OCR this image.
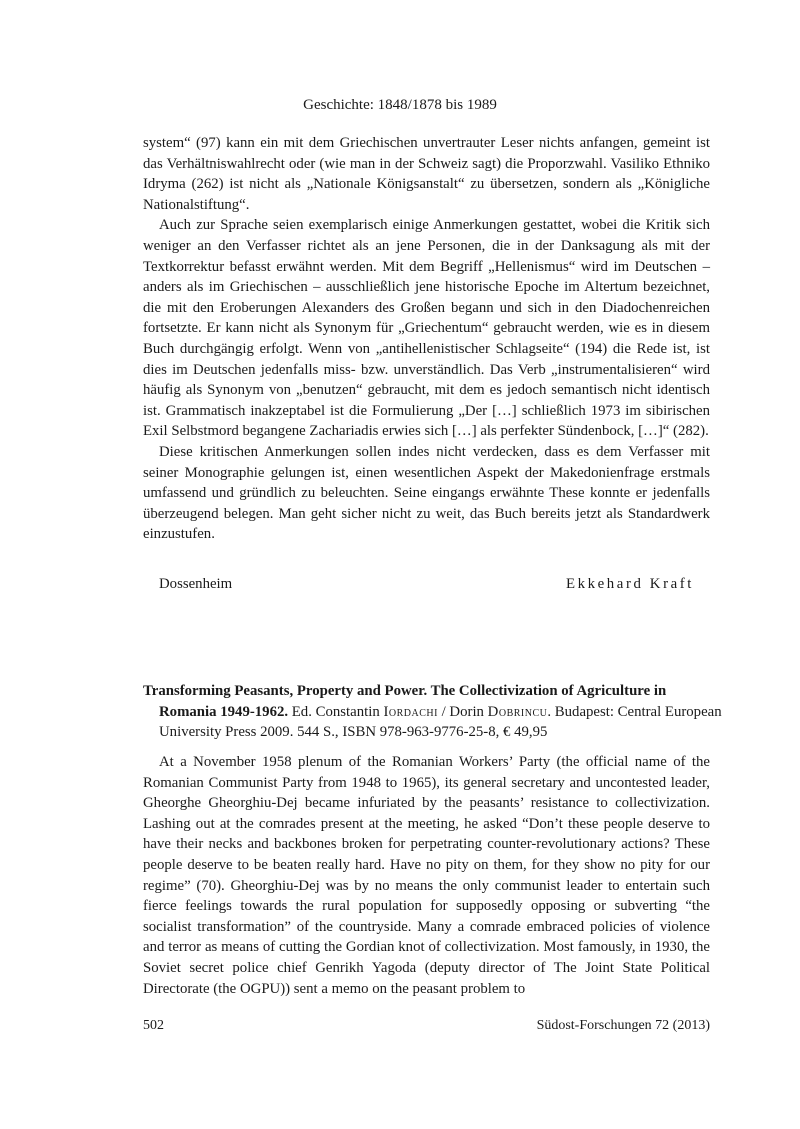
Geschichte: 1848/1878 bis 1989

system“ (97) kann ein mit dem Griechischen unvertrauter Leser nichts anfangen, gemeint ist das Verhältniswahlrecht oder (wie man in der Schweiz sagt) die Proporzwahl. Vasiliko Ethniko Idryma (262) ist nicht als „Nationale Königsanstalt“ zu übersetzen, sondern als „Königliche Nationalstiftung“.

Auch zur Sprache seien exemplarisch einige Anmerkungen gestattet, wobei die Kritik sich weniger an den Verfasser richtet als an jene Personen, die in der Danksagung als mit der Textkorrektur befasst erwähnt werden. Mit dem Begriff „Hellenismus“ wird im Deutschen – anders als im Griechischen – ausschließlich jene historische Epoche im Altertum bezeichnet, die mit den Eroberungen Alexanders des Großen begann und sich in den Diadochenreichen fortsetzte. Er kann nicht als Synonym für „Griechentum“ gebraucht werden, wie es in diesem Buch durchgängig erfolgt. Wenn von „antihellenistischer Schlagseite“ (194) die Rede ist, ist dies im Deutschen jedenfalls miss- bzw. unverständlich. Das Verb „instrumentalisieren“ wird häufig als Synonym von „benutzen“ gebraucht, mit dem es jedoch semantisch nicht identisch ist. Grammatisch inakzeptabel ist die Formulierung „Der […] schließlich 1973 im sibirischen Exil Selbstmord begangene Zachariadis erwies sich […] als perfekter Sündenbock, […]“ (282).

Diese kritischen Anmerkungen sollen indes nicht verdecken, dass es dem Verfasser mit seiner Monographie gelungen ist, einen wesentlichen Aspekt der Makedonienfrage erstmals umfassend und gründlich zu beleuchten. Seine eingangs erwähnte These konnte er jedenfalls überzeugend belegen. Man geht sicher nicht zu weit, das Buch bereits jetzt als Standardwerk einzustufen.

Dossenheim	Ekkehard Kraft

Transforming Peasants, Property and Power. The Collectivization of Agriculture in Romania 1949-1962. Ed. Constantin Iordachi / Dorin Dobrincu. Budapest: Central European University Press 2009. 544 S., ISBN 978-963-9776-25-8, € 49,95

At a November 1958 plenum of the Romanian Workers’ Party (the official name of the Romanian Communist Party from 1948 to 1965), its general secretary and uncontested leader, Gheorghe Gheorghiu-Dej became infuriated by the peasants’ resistance to collectivization. Lashing out at the comrades present at the meeting, he asked “Don’t these people deserve to have their necks and backbones broken for perpetrating counter-revolutionary actions? These people deserve to be beaten really hard. Have no pity on them, for they show no pity for our regime” (70). Gheorghiu-Dej was by no means the only communist leader to entertain such fierce feelings towards the rural population for supposedly opposing or subverting “the socialist transformation” of the countryside. Many a comrade embraced policies of violence and terror as means of cutting the Gordian knot of collectivization. Most famously, in 1930, the Soviet secret police chief Genrikh Yagoda (deputy director of The Joint State Political Directorate (the OGPU)) sent a memo on the peasant problem to

502	Südost-Forschungen 72 (2013)
